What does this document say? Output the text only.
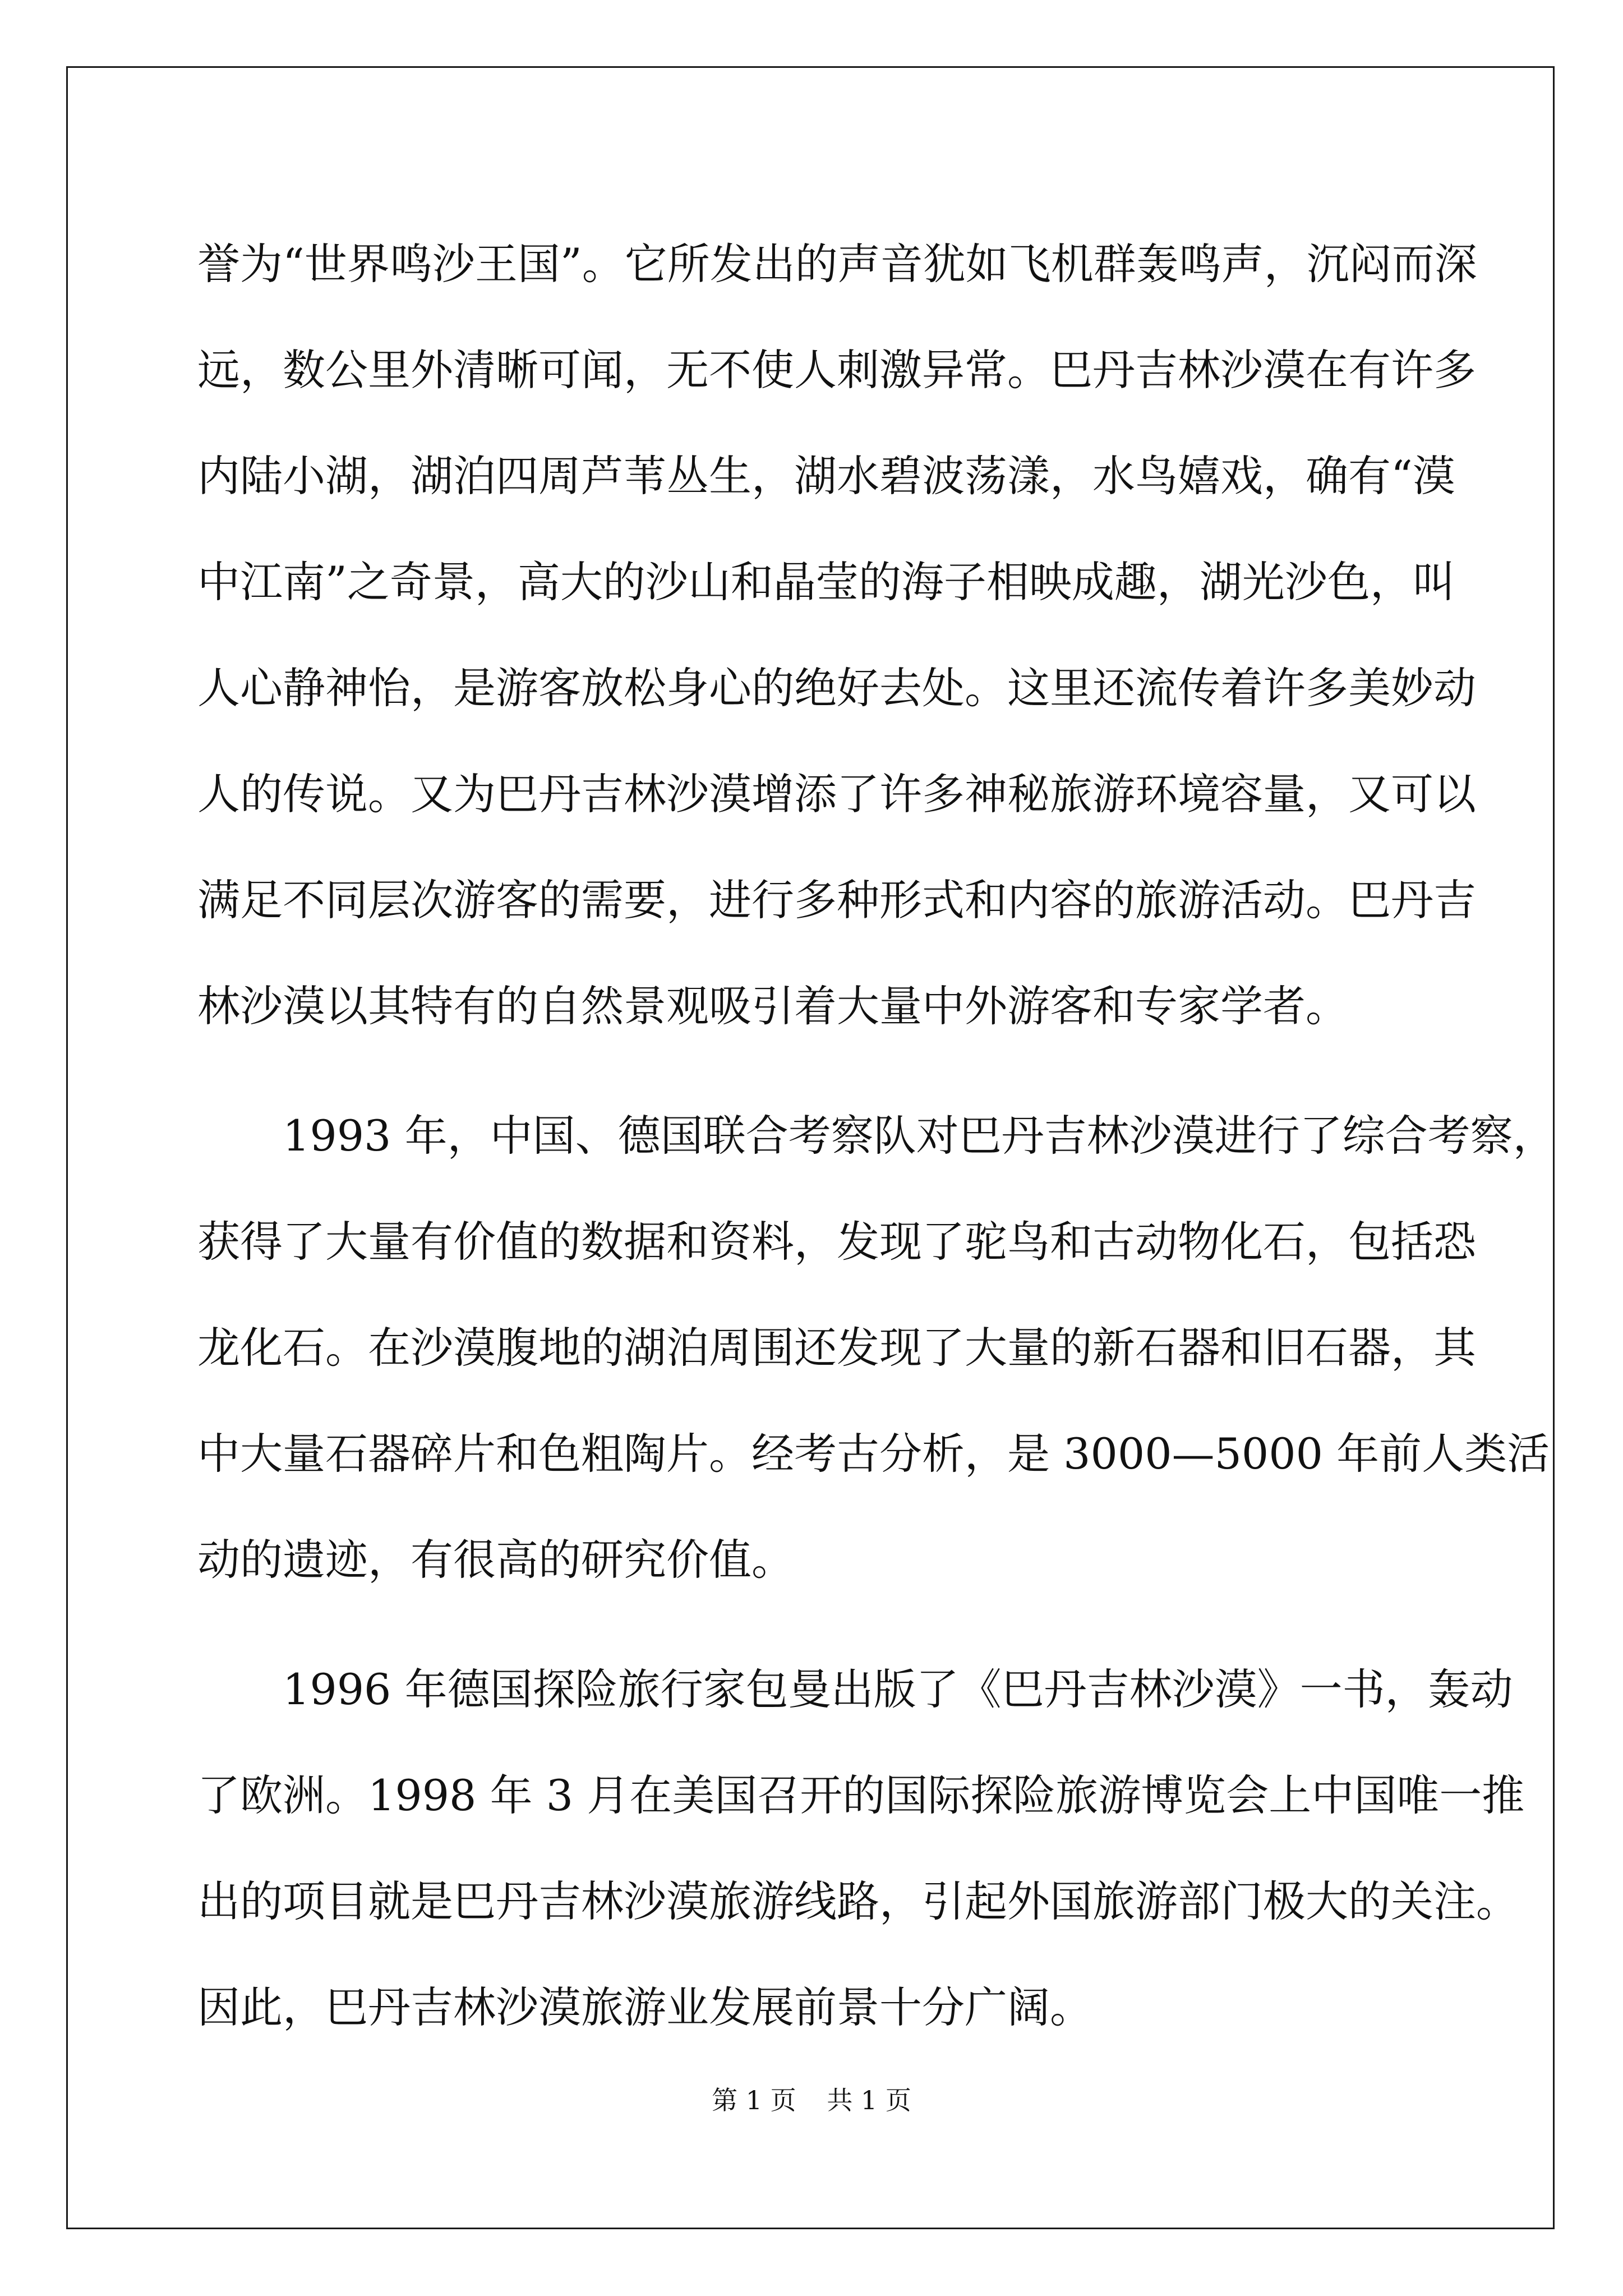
誉为“世界鸣沙王国”。它所发出的声音犹如飞机群轰鸣声，沉闷而深
远，数公里外清晰可闻，无不使人刺激异常。巴丹吉林沙漠在有许多
内陆小湖，湖泊四周芦苇丛生，湖水碧波荡漾，水鸟嬉戏，确有“漠
中江南”之奇景，高大的沙山和晶莹的海子相映成趣，湖光沙色，叫
人心静神怡，是游客放松身心的绝好去处。这里还流传着许多美妙动
人的传说。又为巴丹吉林沙漠增添了许多神秘旅游环境容量，又可以
满足不同层次游客的需要，进行多种形式和内容的旅游活动。巴丹吉
林沙漠以其特有的自然景观吸引着大量中外游客和专家学者。
　　1993 年，中国、德国联合考察队对巴丹吉林沙漠进行了综合考察，
获得了大量有价值的数据和资料，发现了驼鸟和古动物化石，包括恐
龙化石。在沙漠腹地的湖泊周围还发现了大量的新石器和旧石器，其
中大量石器碎片和色粗陶片。经考古分析，是 3000—5000 年前人类活
动的遗迹，有很高的研究价值。
　　1996 年德国探险旅行家包曼出版了《巴丹吉林沙漠》一书，轰动
了欧洲。1998 年 3 月在美国召开的国际探险旅游博览会上中国唯一推
出的项目就是巴丹吉林沙漠旅游线路，引起外国旅游部门极大的关注。
因此，巴丹吉林沙漠旅游业发展前景十分广阔。
第 1 页 共 1 页
